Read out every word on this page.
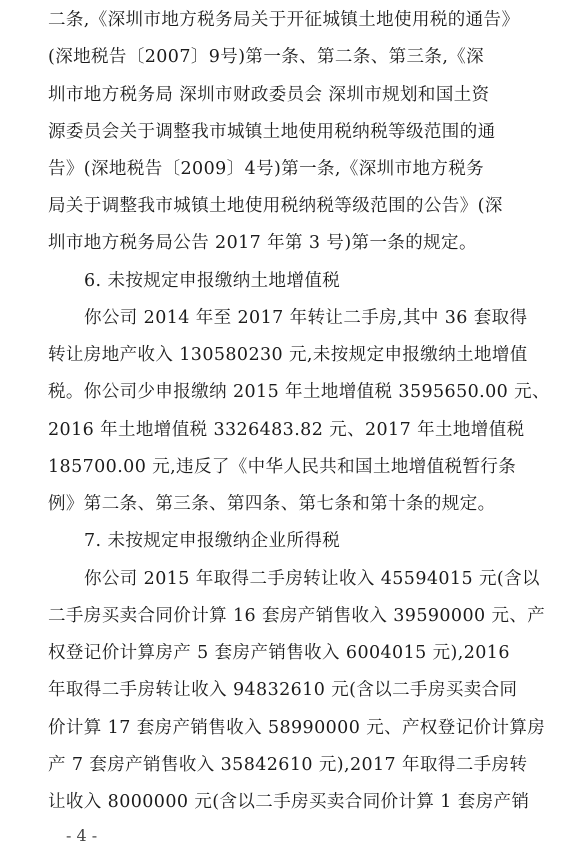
二条,《深圳市地方税务局关于开征城镇土地使用税的通告》
(深地税告〔2007〕9号)第一条、第二条、第三条,《深
圳市地方税务局 深圳市财政委员会 深圳市规划和国土资
源委员会关于调整我市城镇土地使用税纳税等级范围的通
告》(深地税告〔2009〕4号)第一条,《深圳市地方税务
局关于调整我市城镇土地使用税纳税等级范围的公告》(深
圳市地方税务局公告 2017 年第 3 号)第一条的规定。
6. 未按规定申报缴纳土地增值税
你公司 2014 年至 2017 年转让二手房,其中 36 套取得
转让房地产收入 130580230 元,未按规定申报缴纳土地增值
税。你公司少申报缴纳 2015 年土地增值税 3595650.00 元、
2016 年土地增值税 3326483.82 元、2017 年土地增值税
185700.00 元,违反了《中华人民共和国土地增值税暂行条
例》第二条、第三条、第四条、第七条和第十条的规定。
7. 未按规定申报缴纳企业所得税
你公司 2015 年取得二手房转让收入 45594015 元(含以
二手房买卖合同价计算 16 套房产销售收入 39590000 元、产
权登记价计算房产 5 套房产销售收入 6004015 元),2016
年取得二手房转让收入 94832610 元(含以二手房买卖合同
价计算 17 套房产销售收入 58990000 元、产权登记价计算房
产 7 套房产销售收入 35842610 元),2017 年取得二手房转
让收入 8000000 元(含以二手房买卖合同价计算 1 套房产销
- 4 -
